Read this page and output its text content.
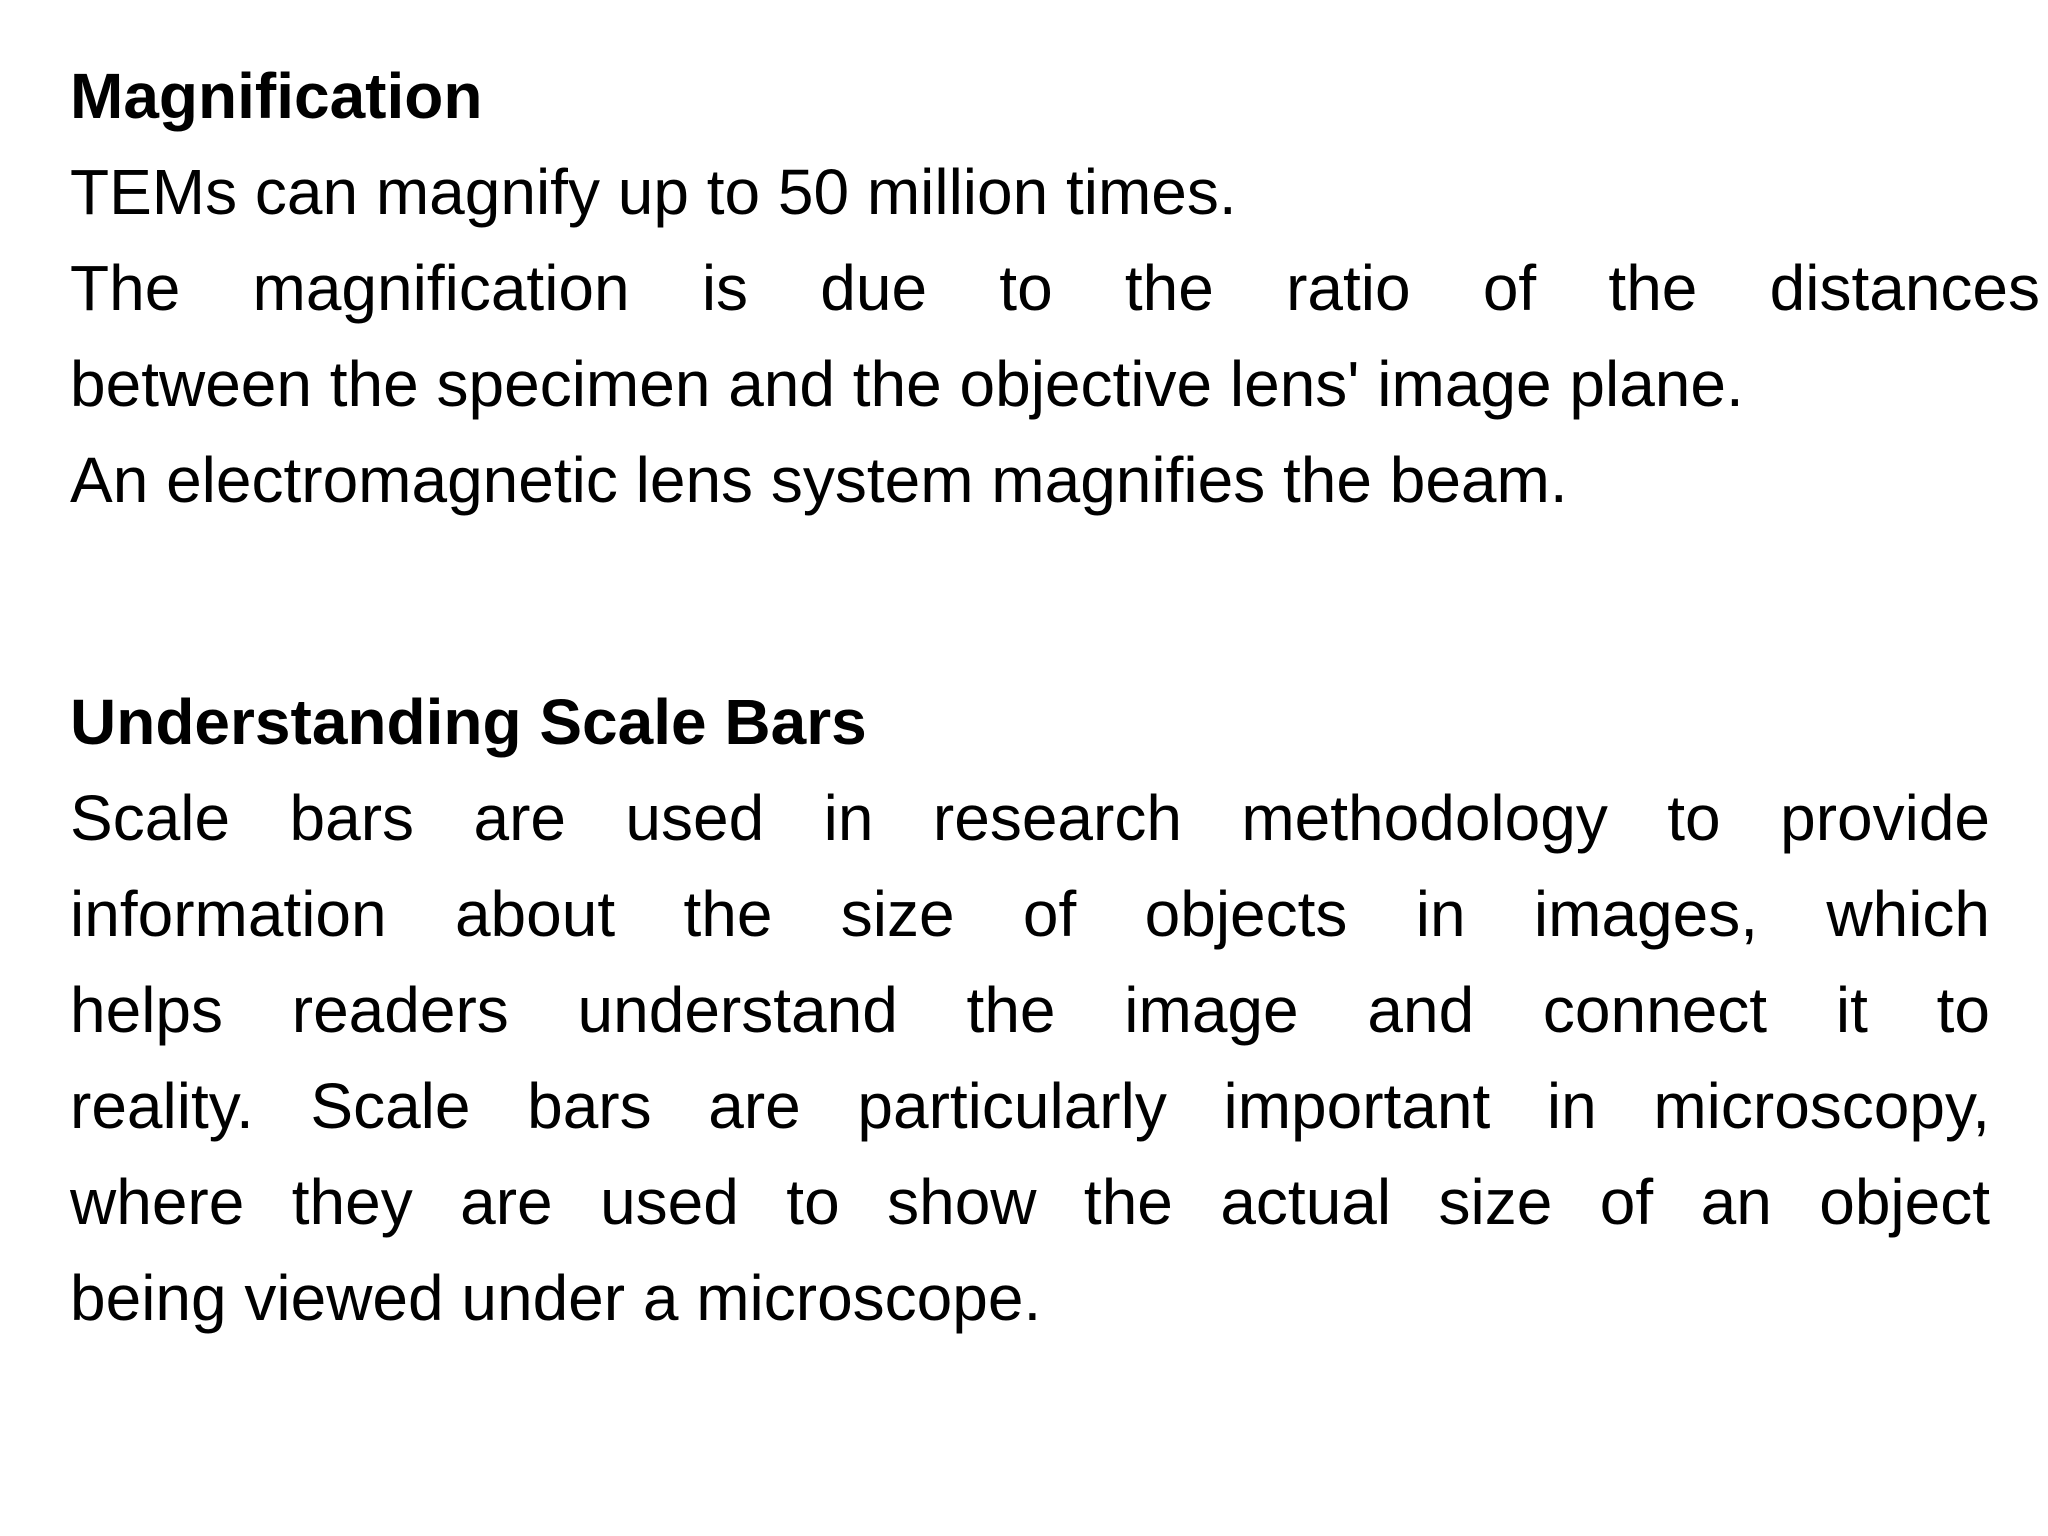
Magnification
TEMs can magnify up to 50 million times.
The magnification is due to the ratio of the distances
between the specimen and the objective lens' image plane.
An electromagnetic lens system magnifies the beam.
Understanding Scale Bars
Scale bars are used in research methodology to provide
information about the size of objects in images, which
helps readers understand the image and connect it to
reality. Scale bars are particularly important in microscopy,
where they are used to show the actual size of an object
being viewed under a microscope.
